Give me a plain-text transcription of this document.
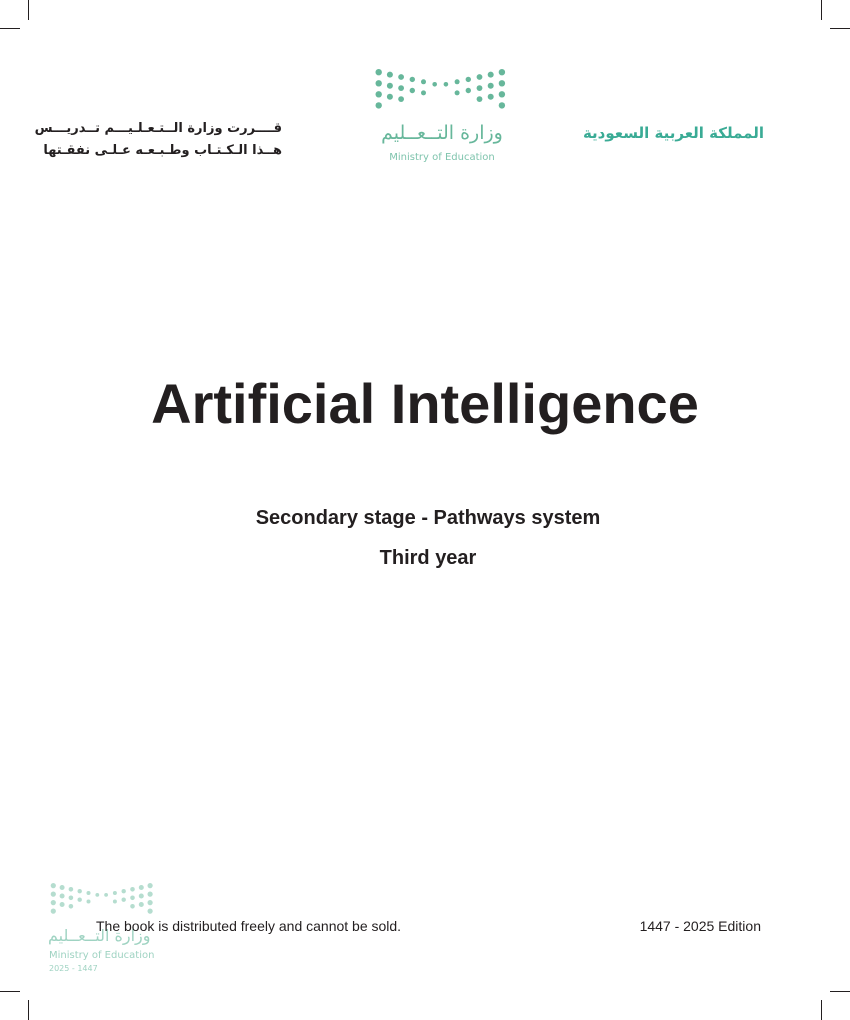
قــــررت وزارة الــتـعـلـيـــم تــدريـــس
هــذا الـكـتـاب وطـبـعـه عـلـى نفقـتها
وزارة التــعــليم
Ministry of Education
المملكة العربية السعودية
Artificial Intelligence
Secondary stage - Pathways system
Third year
وزارة التــعــليم
Ministry of Education
2025 - 1447
The book is distributed freely and cannot be sold.	1447 - 2025 Edition
